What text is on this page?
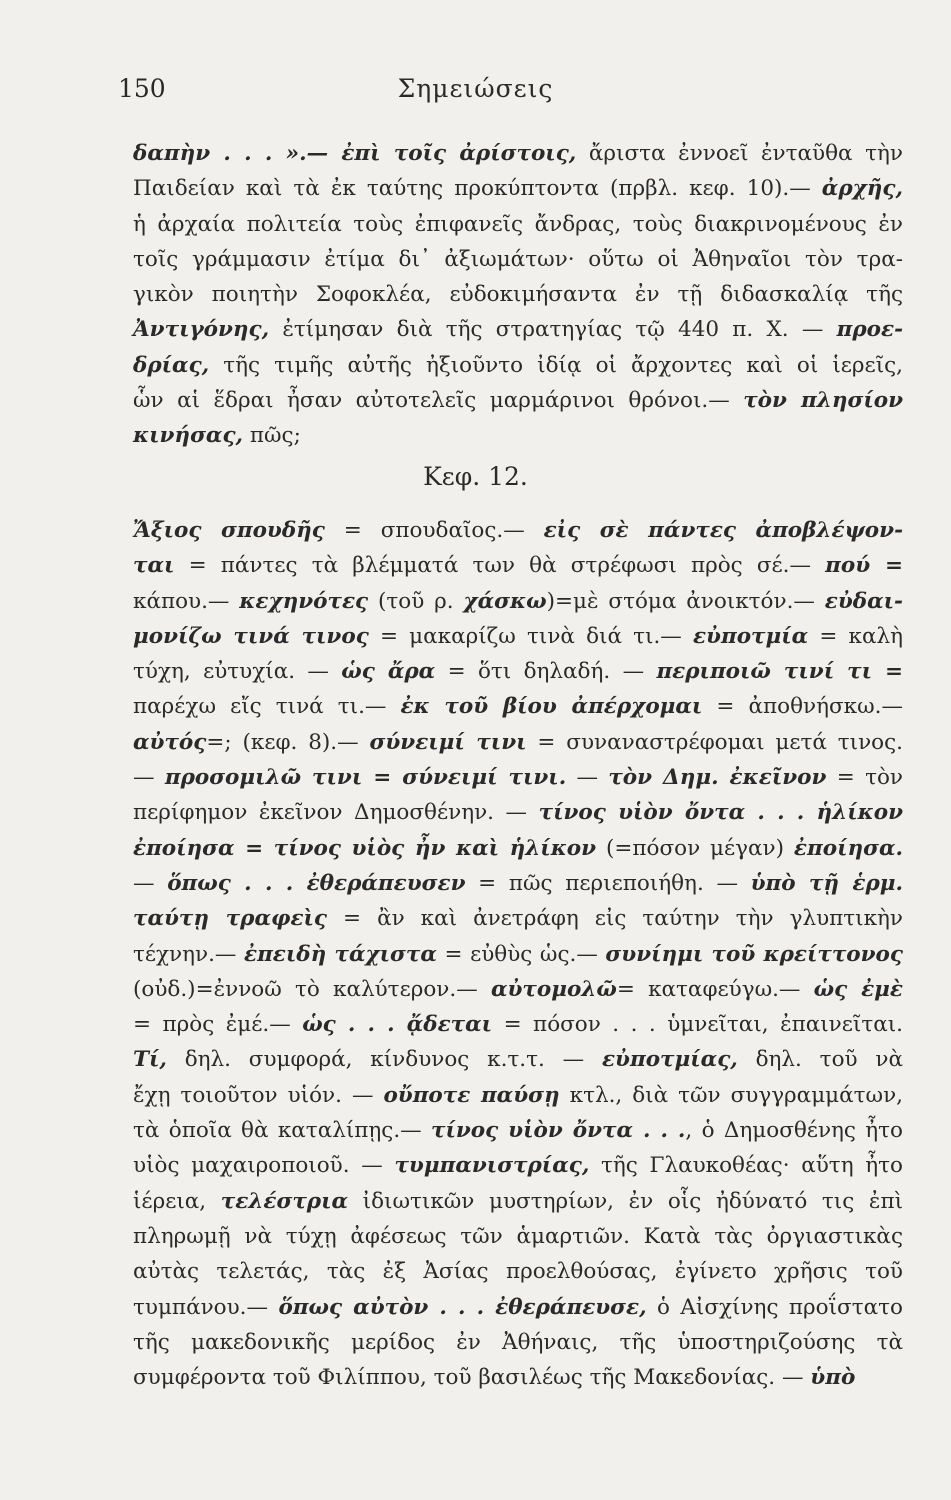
150	Σημειώσεις
δαπὴν . . . ».— ἐπὶ τοῖς ἀρίστοις, ἄριστα ἐννοεῖ ἐνταῦθα τὴν
Παιδείαν καὶ τὰ ἐκ ταύτης προκύπτοντα (πρβλ. κεφ. 10).— ἀρχῆς,
ἡ ἀρχαία πολιτεία τοὺς ἐπιφανεῖς ἄνδρας, τοὺς διακρινομένους ἐν
τοῖς γράμμασιν ἐτίμα δι᾽ ἀξιωμάτων· οὕτω οἱ Ἀθηναῖοι τὸν τρα-
γικὸν ποιητὴν Σοφοκλέα, εὐδοκιμήσαντα ἐν τῇ διδασκαλίᾳ τῆς
Ἀντιγόνης, ἐτίμησαν διὰ τῆς στρατηγίας τῷ 440 π. Χ. — προε-
δρίας, τῆς τιμῆς αὐτῆς ἠξιοῦντο ἰδίᾳ οἱ ἄρχοντες καὶ οἱ ἱερεῖς,
ὧν αἱ ἕδραι ἦσαν αὐτοτελεῖς μαρμάρινοι θρόνοι.— τὸν πλησίον
κινήσας, πῶς;
Κεφ. 12.
Ἄξιος σπουδῆς = σπουδαῖος.— εἰς σὲ πάντες ἀποβλέψον-
ται = πάντες τὰ βλέμματά των θὰ στρέφωσι πρὸς σέ.— πού =
κάπου.— κεχηνότες (τοῦ ρ. χάσκω)=μὲ στόμα ἀνοικτόν.— εὐδαι-
μονίζω τινά τινος = μακαρίζω τινὰ διά τι.— εὐποτμία = καλὴ
τύχη, εὐτυχία. — ὡς ἄρα = ὅτι δηλαδή. — περιποιῶ τινί τι =
παρέχω εἴς τινά τι.— ἐκ τοῦ βίου ἀπέρχομαι = ἀποθνήσκω.—
αὐτός=; (κεφ. 8).— σύνειμί τινι = συναναστρέφομαι μετά τινος.
— προσομιλῶ τινι = σύνειμί τινι. — τὸν Δημ. ἐκεῖνον = τὸν
περίφημον ἐκεῖνον Δημοσθένην. — τίνος υἱὸν ὄντα . . . ἡλίκον
ἐποίησα = τίνος υἱὸς ἦν καὶ ἡλίκον (=πόσον μέγαν) ἐποίησα.
— ὅπως . . . ἐθεράπευσεν = πῶς περιεποιήθη. — ὑπὸ τῇ ἑρμ.
ταύτῃ τραφεὶς = ἂν καὶ ἀνετράφη εἰς ταύτην τὴν γλυπτικὴν
τέχνην.— ἐπειδὴ τάχιστα = εὐθὺς ὡς.— συνίημι τοῦ κρείττονος
(οὐδ.)=ἐννοῶ τὸ καλύτερον.— αὐτομολῶ= καταφεύγω.— ὡς ἐμὲ
= πρὸς ἐμέ.— ὡς . . . ᾄδεται = πόσον . . . ὑμνεῖται, ἐπαινεῖται.
Τί, δηλ. συμφορά, κίνδυνος κ.τ.τ. — εὐποτμίας, δηλ. τοῦ νὰ
ἔχῃ τοιοῦτον υἱόν. — οὔποτε παύσῃ κτλ., διὰ τῶν συγγραμμάτων,
τὰ ὁποῖα θὰ καταλίπῃς.— τίνος υἱὸν ὄντα . . ., ὁ Δημοσθένης ἦτο
υἱὸς μαχαιροποιοῦ. — τυμπανιστρίας, τῆς Γλαυκοθέας· αὕτη ἦτο
ἱέρεια, τελέστρια ἰδιωτικῶν μυστηρίων, ἐν οἷς ἠδύνατό τις ἐπὶ
πληρωμῇ νὰ τύχῃ ἀφέσεως τῶν ἁμαρτιῶν. Κατὰ τὰς ὀργιαστικὰς
αὐτὰς τελετάς, τὰς ἐξ Ἀσίας προελθούσας, ἐγίνετο χρῆσις τοῦ
τυμπάνου.— ὅπως αὐτὸν . . . ἐθεράπευσε, ὁ Αἰσχίνης προΐστατο
τῆς μακεδονικῆς μερίδος ἐν Ἀθήναις, τῆς ὑποστηριζούσης τὰ
συμφέροντα τοῦ Φιλίππου, τοῦ βασιλέως τῆς Μακεδονίας. — ὑπὸ
